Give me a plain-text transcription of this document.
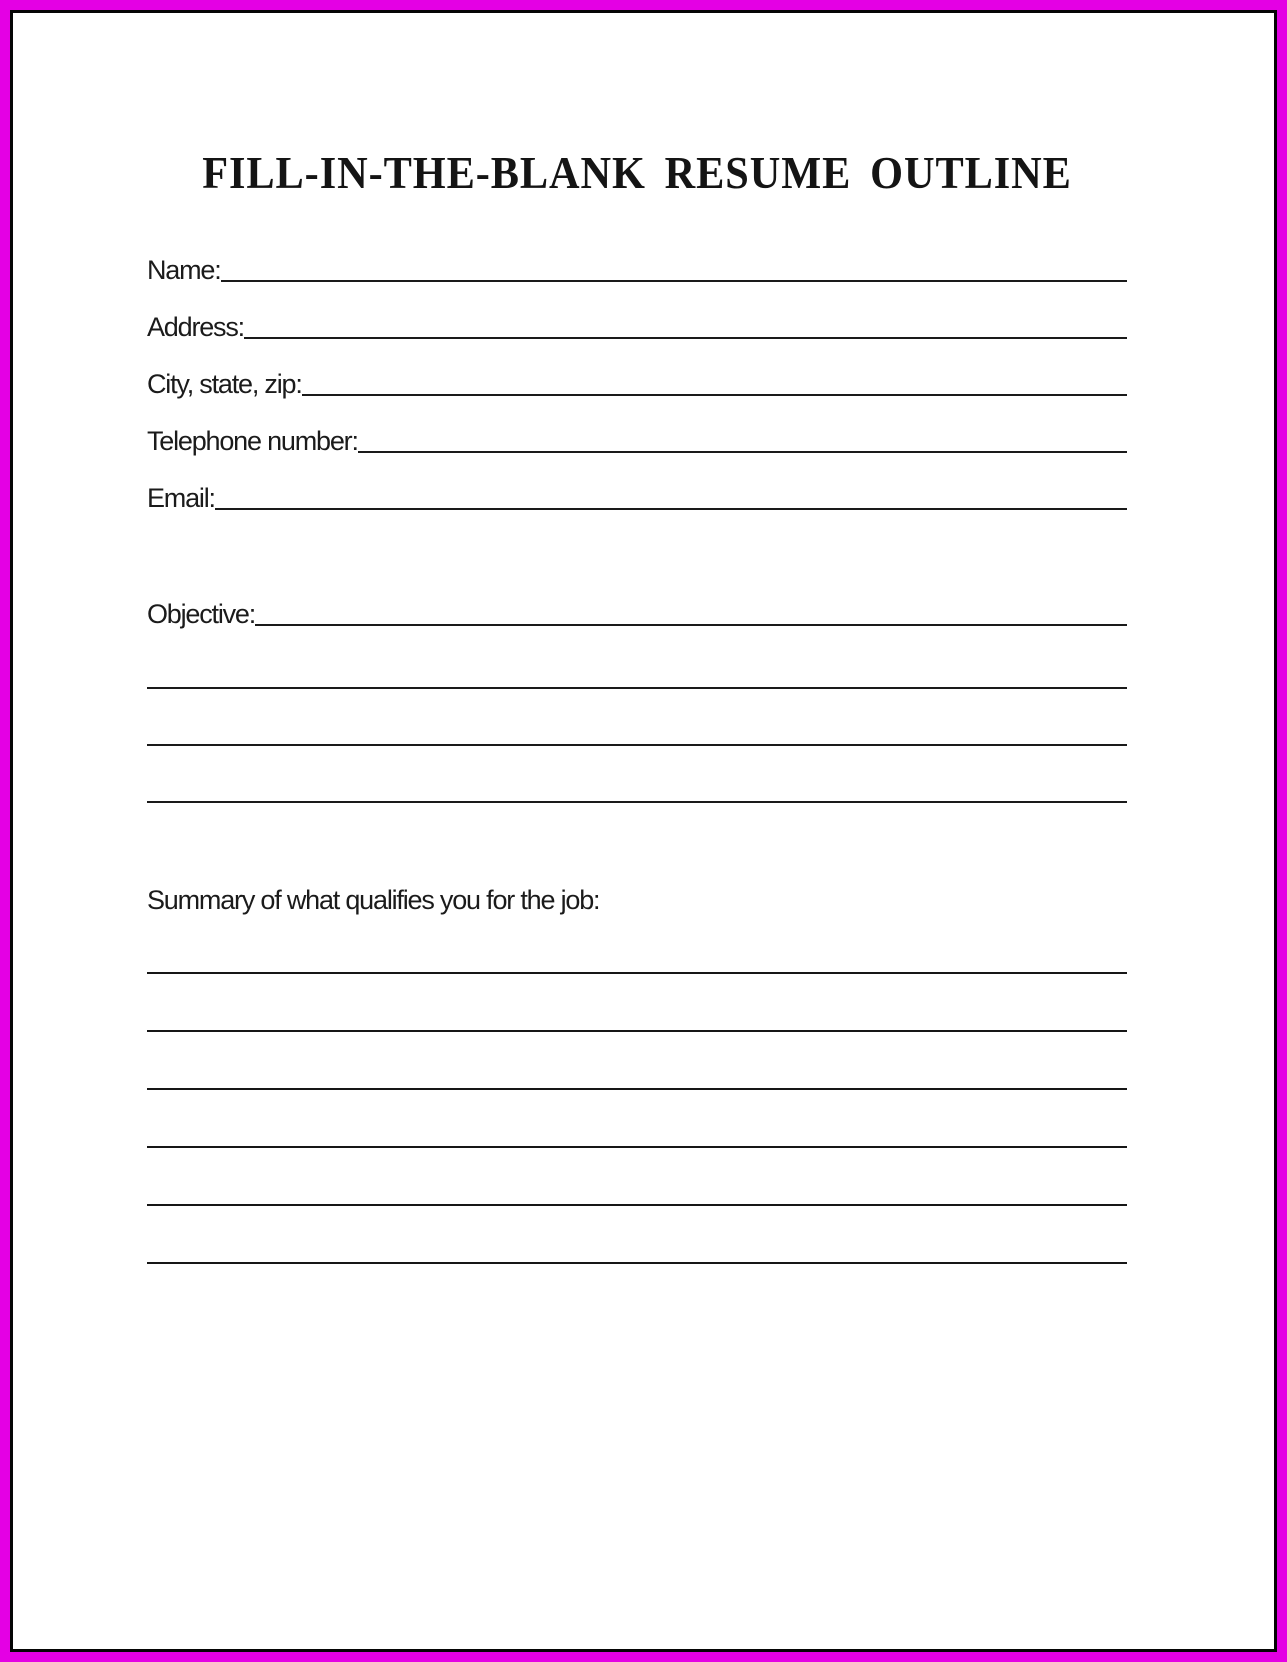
FILL-IN-THE-BLANK RESUME OUTLINE
Name:
Address:
City, state, zip:
Telephone number:
Email:
Objective:
Summary of what qualifies you for the job:
